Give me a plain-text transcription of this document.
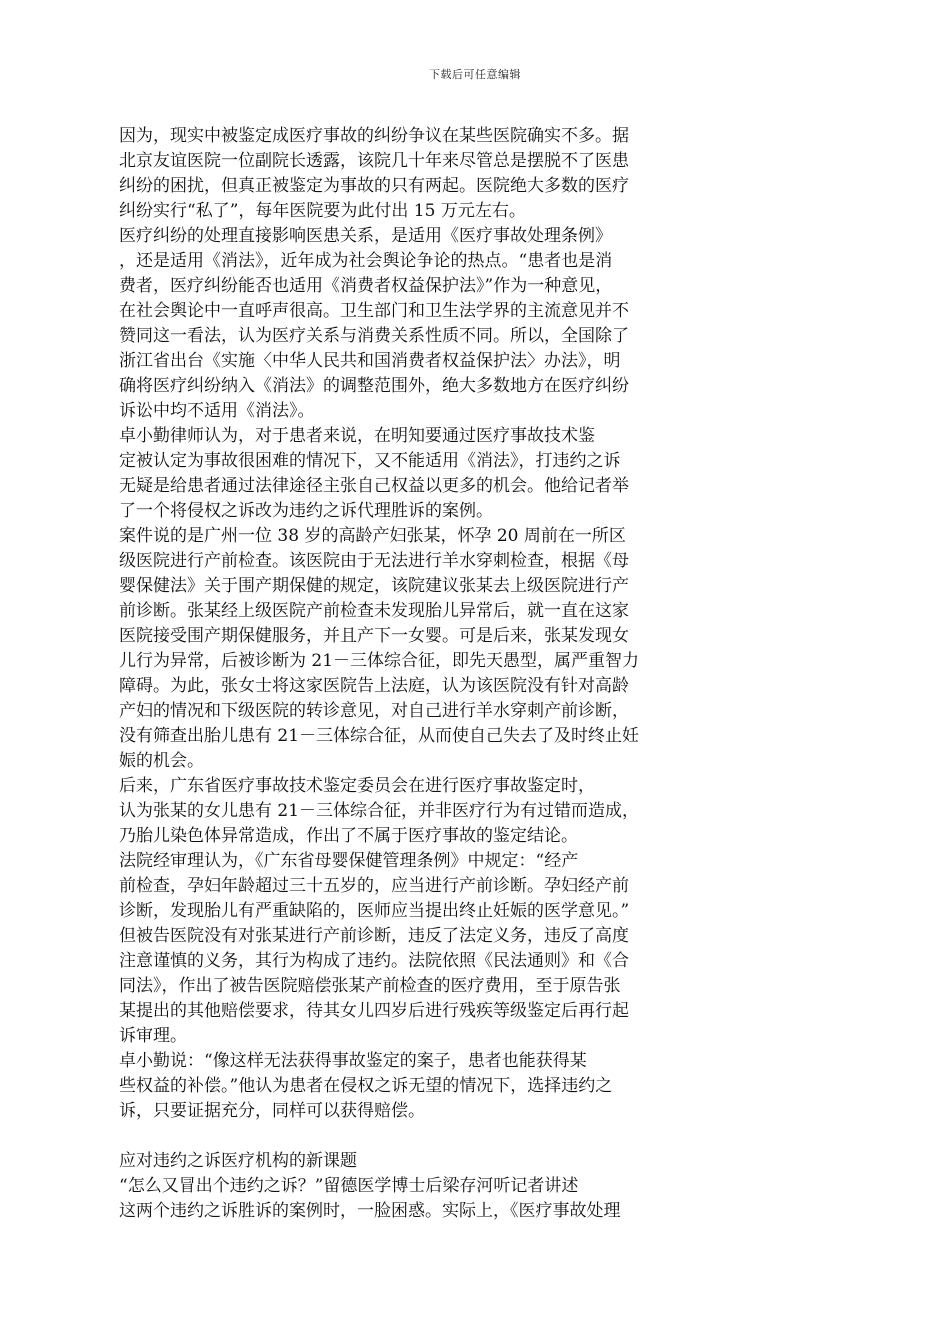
下载后可任意编辑
因为，现实中被鉴定成医疗事故的纠纷争议在某些医院确实不多。据
北京友谊医院一位副院长透露，该院几十年来尽管总是摆脱不了医患
纠纷的困扰，但真正被鉴定为事故的只有两起。医院绝大多数的医疗
纠纷实行“私了”，每年医院要为此付出 15 万元左右。
医疗纠纷的处理直接影响医患关系，是适用《医疗事故处理条例》
，还是适用《消法》，近年成为社会舆论争论的热点。“患者也是消
费者，医疗纠纷能否也适用《消费者权益保护法》”作为一种意见，
在社会舆论中一直呼声很高。卫生部门和卫生法学界的主流意见并不
赞同这一看法，认为医疗关系与消费关系性质不同。所以，全国除了
浙江省出台《实施〈中华人民共和国消费者权益保护法〉办法》，明
确将医疗纠纷纳入《消法》的调整范围外，绝大多数地方在医疗纠纷
诉讼中均不适用《消法》。
卓小勤律师认为，对于患者来说，在明知要通过医疗事故技术鉴
定被认定为事故很困难的情况下，又不能适用《消法》，打违约之诉
无疑是给患者通过法律途径主张自己权益以更多的机会。他给记者举
了一个将侵权之诉改为违约之诉代理胜诉的案例。
案件说的是广州一位 38 岁的高龄产妇张某，怀孕 20 周前在一所区
级医院进行产前检查。该医院由于无法进行羊水穿刺检查，根据《母
婴保健法》关于围产期保健的规定，该院建议张某去上级医院进行产
前诊断。张某经上级医院产前检查未发现胎儿异常后，就一直在这家
医院接受围产期保健服务，并且产下一女婴。可是后来，张某发现女
儿行为异常，后被诊断为 21－三体综合征，即先天愚型，属严重智力
障碍。为此，张女士将这家医院告上法庭，认为该医院没有针对高龄
产妇的情况和下级医院的转诊意见，对自己进行羊水穿刺产前诊断，
没有筛查出胎儿患有 21－三体综合征，从而使自己失去了及时终止妊
娠的机会。
后来，广东省医疗事故技术鉴定委员会在进行医疗事故鉴定时，
认为张某的女儿患有 21－三体综合征，并非医疗行为有过错而造成，
乃胎儿染色体异常造成，作出了不属于医疗事故的鉴定结论。
法院经审理认为，《广东省母婴保健管理条例》中规定：“经产
前检查，孕妇年龄超过三十五岁的，应当进行产前诊断。孕妇经产前
诊断，发现胎儿有严重缺陷的，医师应当提出终止妊娠的医学意见。”
但被告医院没有对张某进行产前诊断，违反了法定义务，违反了高度
注意谨慎的义务，其行为构成了违约。法院依照《民法通则》和《合
同法》，作出了被告医院赔偿张某产前检查的医疗费用，至于原告张
某提出的其他赔偿要求，待其女儿四岁后进行残疾等级鉴定后再行起
诉审理。
卓小勤说：“像这样无法获得事故鉴定的案子，患者也能获得某
些权益的补偿。”他认为患者在侵权之诉无望的情况下，选择违约之
诉，只要证据充分，同样可以获得赔偿。
应对违约之诉医疗机构的新课题
“怎么又冒出个违约之诉？”留德医学博士后梁存河听记者讲述
这两个违约之诉胜诉的案例时，一脸困惑。实际上，《医疗事故处理
